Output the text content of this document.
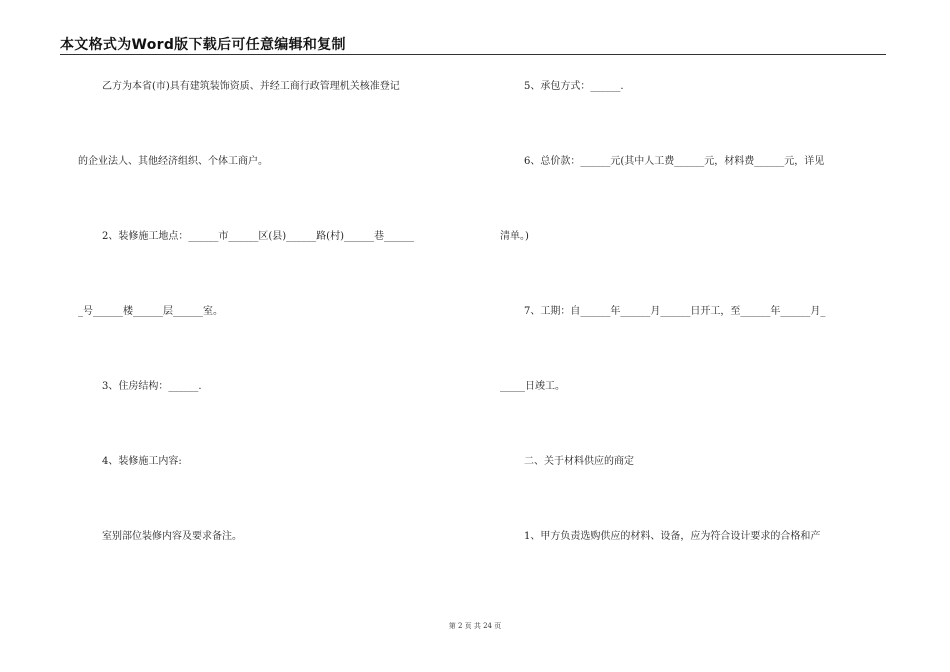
本文格式为Word版下载后可任意编辑和复制
乙方为本省(市)具有建筑装饰资质、并经工商行政管理机关核准登记
的企业法人、其他经济组织、个体工商户。
2、装修施工地点：______市______区(县)______路(村)______巷______
_号______楼______层______室。
3、住房结构：______.
4、装修施工内容:
室别部位装修内容及要求备注。
5、承包方式：______.
6、总价款：______元(其中人工费______元，材料费______元，详见
清单。)
7、工期：自______年______月______日开工，至______年______月_
_____日竣工。
二、关于材料供应的商定
1、甲方负责选购供应的材料、设备，应为符合设计要求的合格和产
第 2 页 共 24 页
